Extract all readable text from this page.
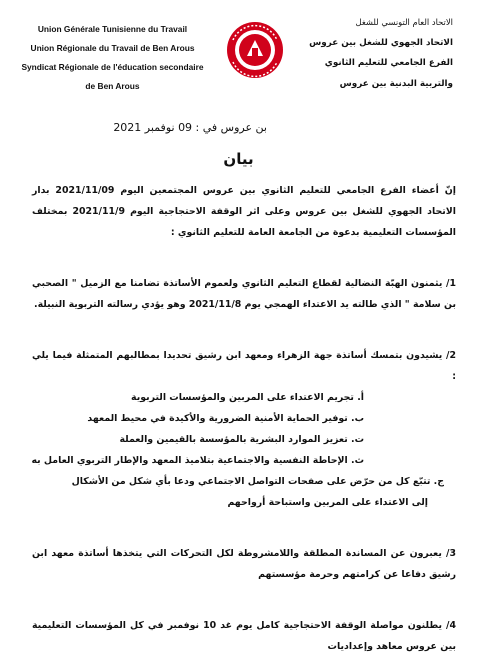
Union Générale Tunisienne du Travail
Union Régionale du Travail de Ben Arous
Syndicat Régionale de l'éducation secondaire
de Ben Arous
الاتحاد العام التونسي للشغل
الاتحاد الجهوي للشغل بين عروس
الفرع الجامعي للتعليم الثانوي
والتربية البدنية بين عروس
بن عروس في : 09 نوفمبر 2021
بيان

إنّ أعضاء الفرع الجامعي للتعليم الثانوي بين عروس المجتمعين اليوم 2021/11/09 بدار الاتحاد الجهوي للشغل بين عروس وعلى اثر الوقفة الاحتجاجية اليوم 2021/11/9 بمختلف المؤسسات التعليمية بدعوة من الجامعة العامة للتعليم الثانوي :

1/ يثمنون الهبّة النضالية لقطاع التعليم الثانوي ولعموم الأساتذة تضامنا مع الزميل " الصحبي بن سلامة " الذي طالته يد الاعتداء الهمجي يوم 2021/11/8 وهو يؤدي رسالته التربوية النبيلة.

2/ يشيدون بتمسك أساتذة جهة الزهراء ومعهد ابن رشيق تحديدا بمطالبهم المتمثلة فيما يلي :

أ. تجريم الاعتداء على المربين والمؤسسات التربوية
ب. توفير الحماية الأمنية الضرورية والأكيدة في محيط المعهد
ت. تعزيز الموارد البشرية بالمؤسسة بالقيمين والعملة
ث. الإحاطة النفسية والاجتماعية بتلاميذ المعهد والإطار التربوي العامل به
ج. تتبّع كل من حرّض على صفحات التواصل الاجتماعي ودعا بأي شكل من الأشكال
إلى الاعتداء على المربين واستباحة أرواحهم

3/ يعبرون عن المساندة المطلقة واللامشروطة لكل التحركات التي يتخذها أساتذة معهد ابن رشيق دفاعا عن كرامتهم وحرمة مؤسستهم

4/ يطلنون مواصلة الوقفة الاحتجاجية كامل يوم غد 10 نوفمبر في كل المؤسسات التعليمية بين عروس معاهد وإعداديات
